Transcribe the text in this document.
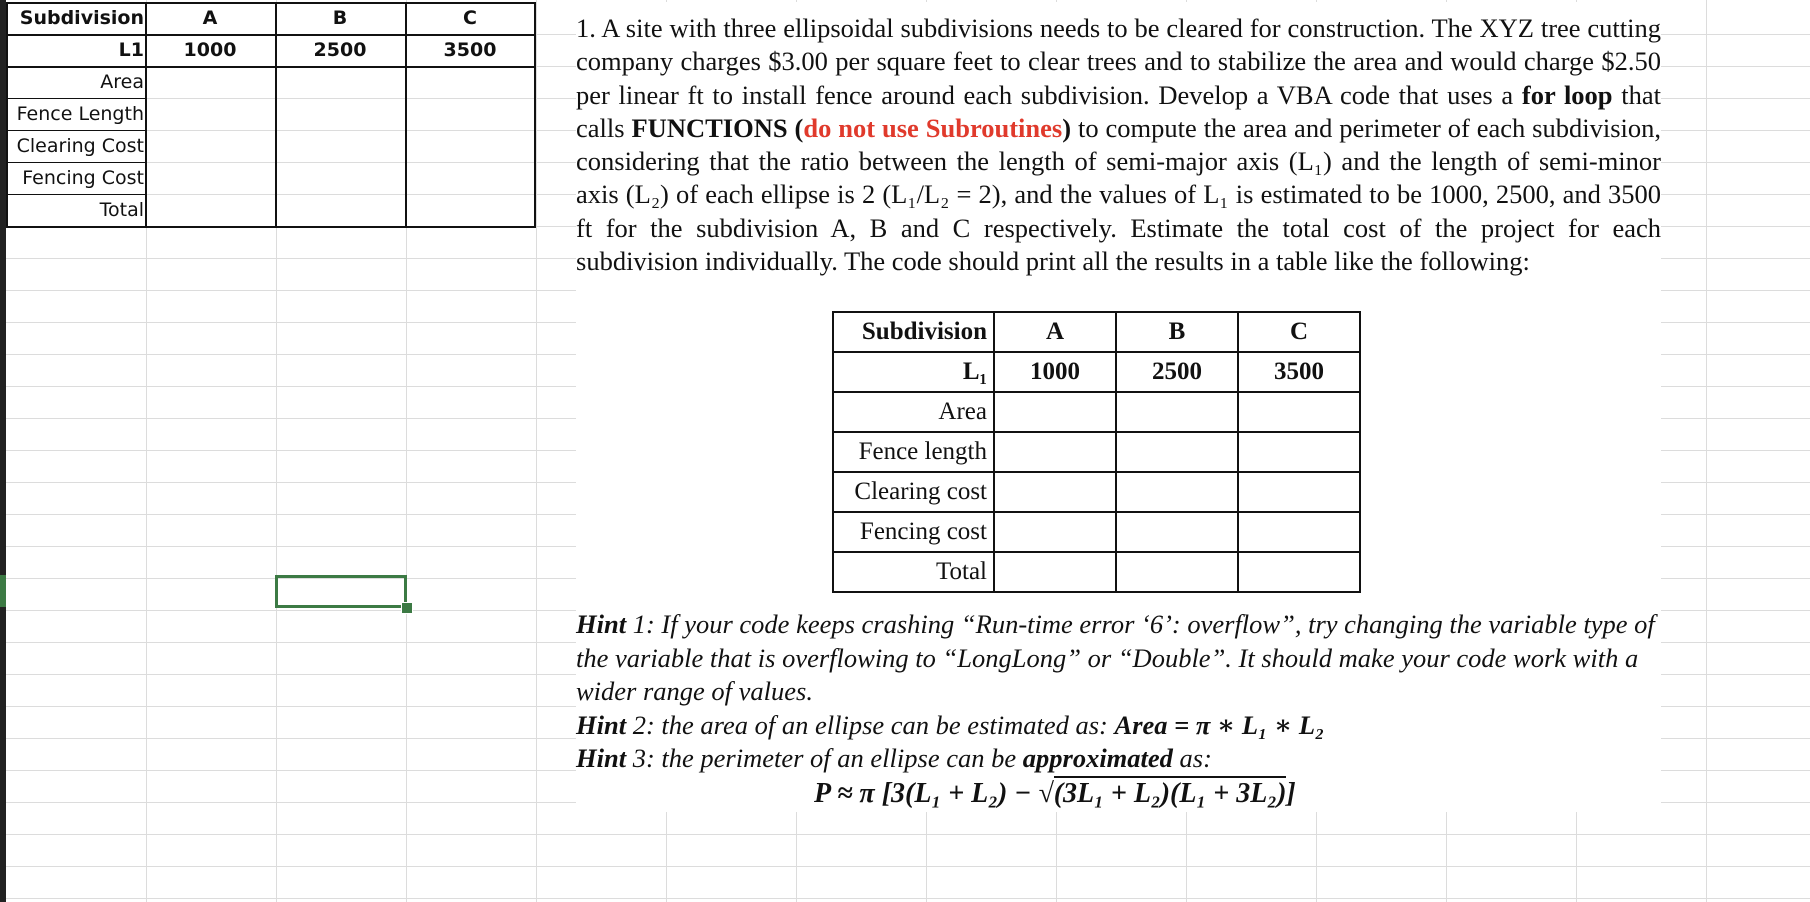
Subdivision	A	B	C
L1	1000	2500	3500
Area
Fence Length
Clearing Cost
Fencing Cost
Total
1. A site with three ellipsoidal subdivisions needs to be cleared for construction. The XYZ tree cutting company charges $3.00 per square feet to clear trees and to stabilize the area and would charge $2.50 per linear ft to install fence around each subdivision. Develop a VBA code that uses a for loop that calls FUNCTIONS (do not use Subroutines) to compute the area and perimeter of each subdivision, considering that the ratio between the length of semi-major axis (L₁) and the length of semi-minor axis (L₂) of each ellipse is 2 (L₁/L₂ = 2), and the values of L₁ is estimated to be 1000, 2500, and 3500 ft for the subdivision A, B and C respectively. Estimate the total cost of the project for each subdivision individually. The code should print all the results in a table like the following:
Subdivision	A	B	C
L₁	1000	2500	3500
Area			
Fence length			
Clearing cost			
Fencing cost			
Total			
Hint 1: If your code keeps crashing “Run-time error ‘6’: overflow”, try changing the variable type of the variable that is overflowing to “LongLong” or “Double”. It should make your code work with a wider range of values.
Hint 2: the area of an ellipse can be estimated as: Area = π ∗ L₁ ∗ L₂
Hint 3: the perimeter of an ellipse can be approximated as:
P ≈ π [3(L₁ + L₂) − √(3L₁ + L₂)(L₁ + 3L₂)]
